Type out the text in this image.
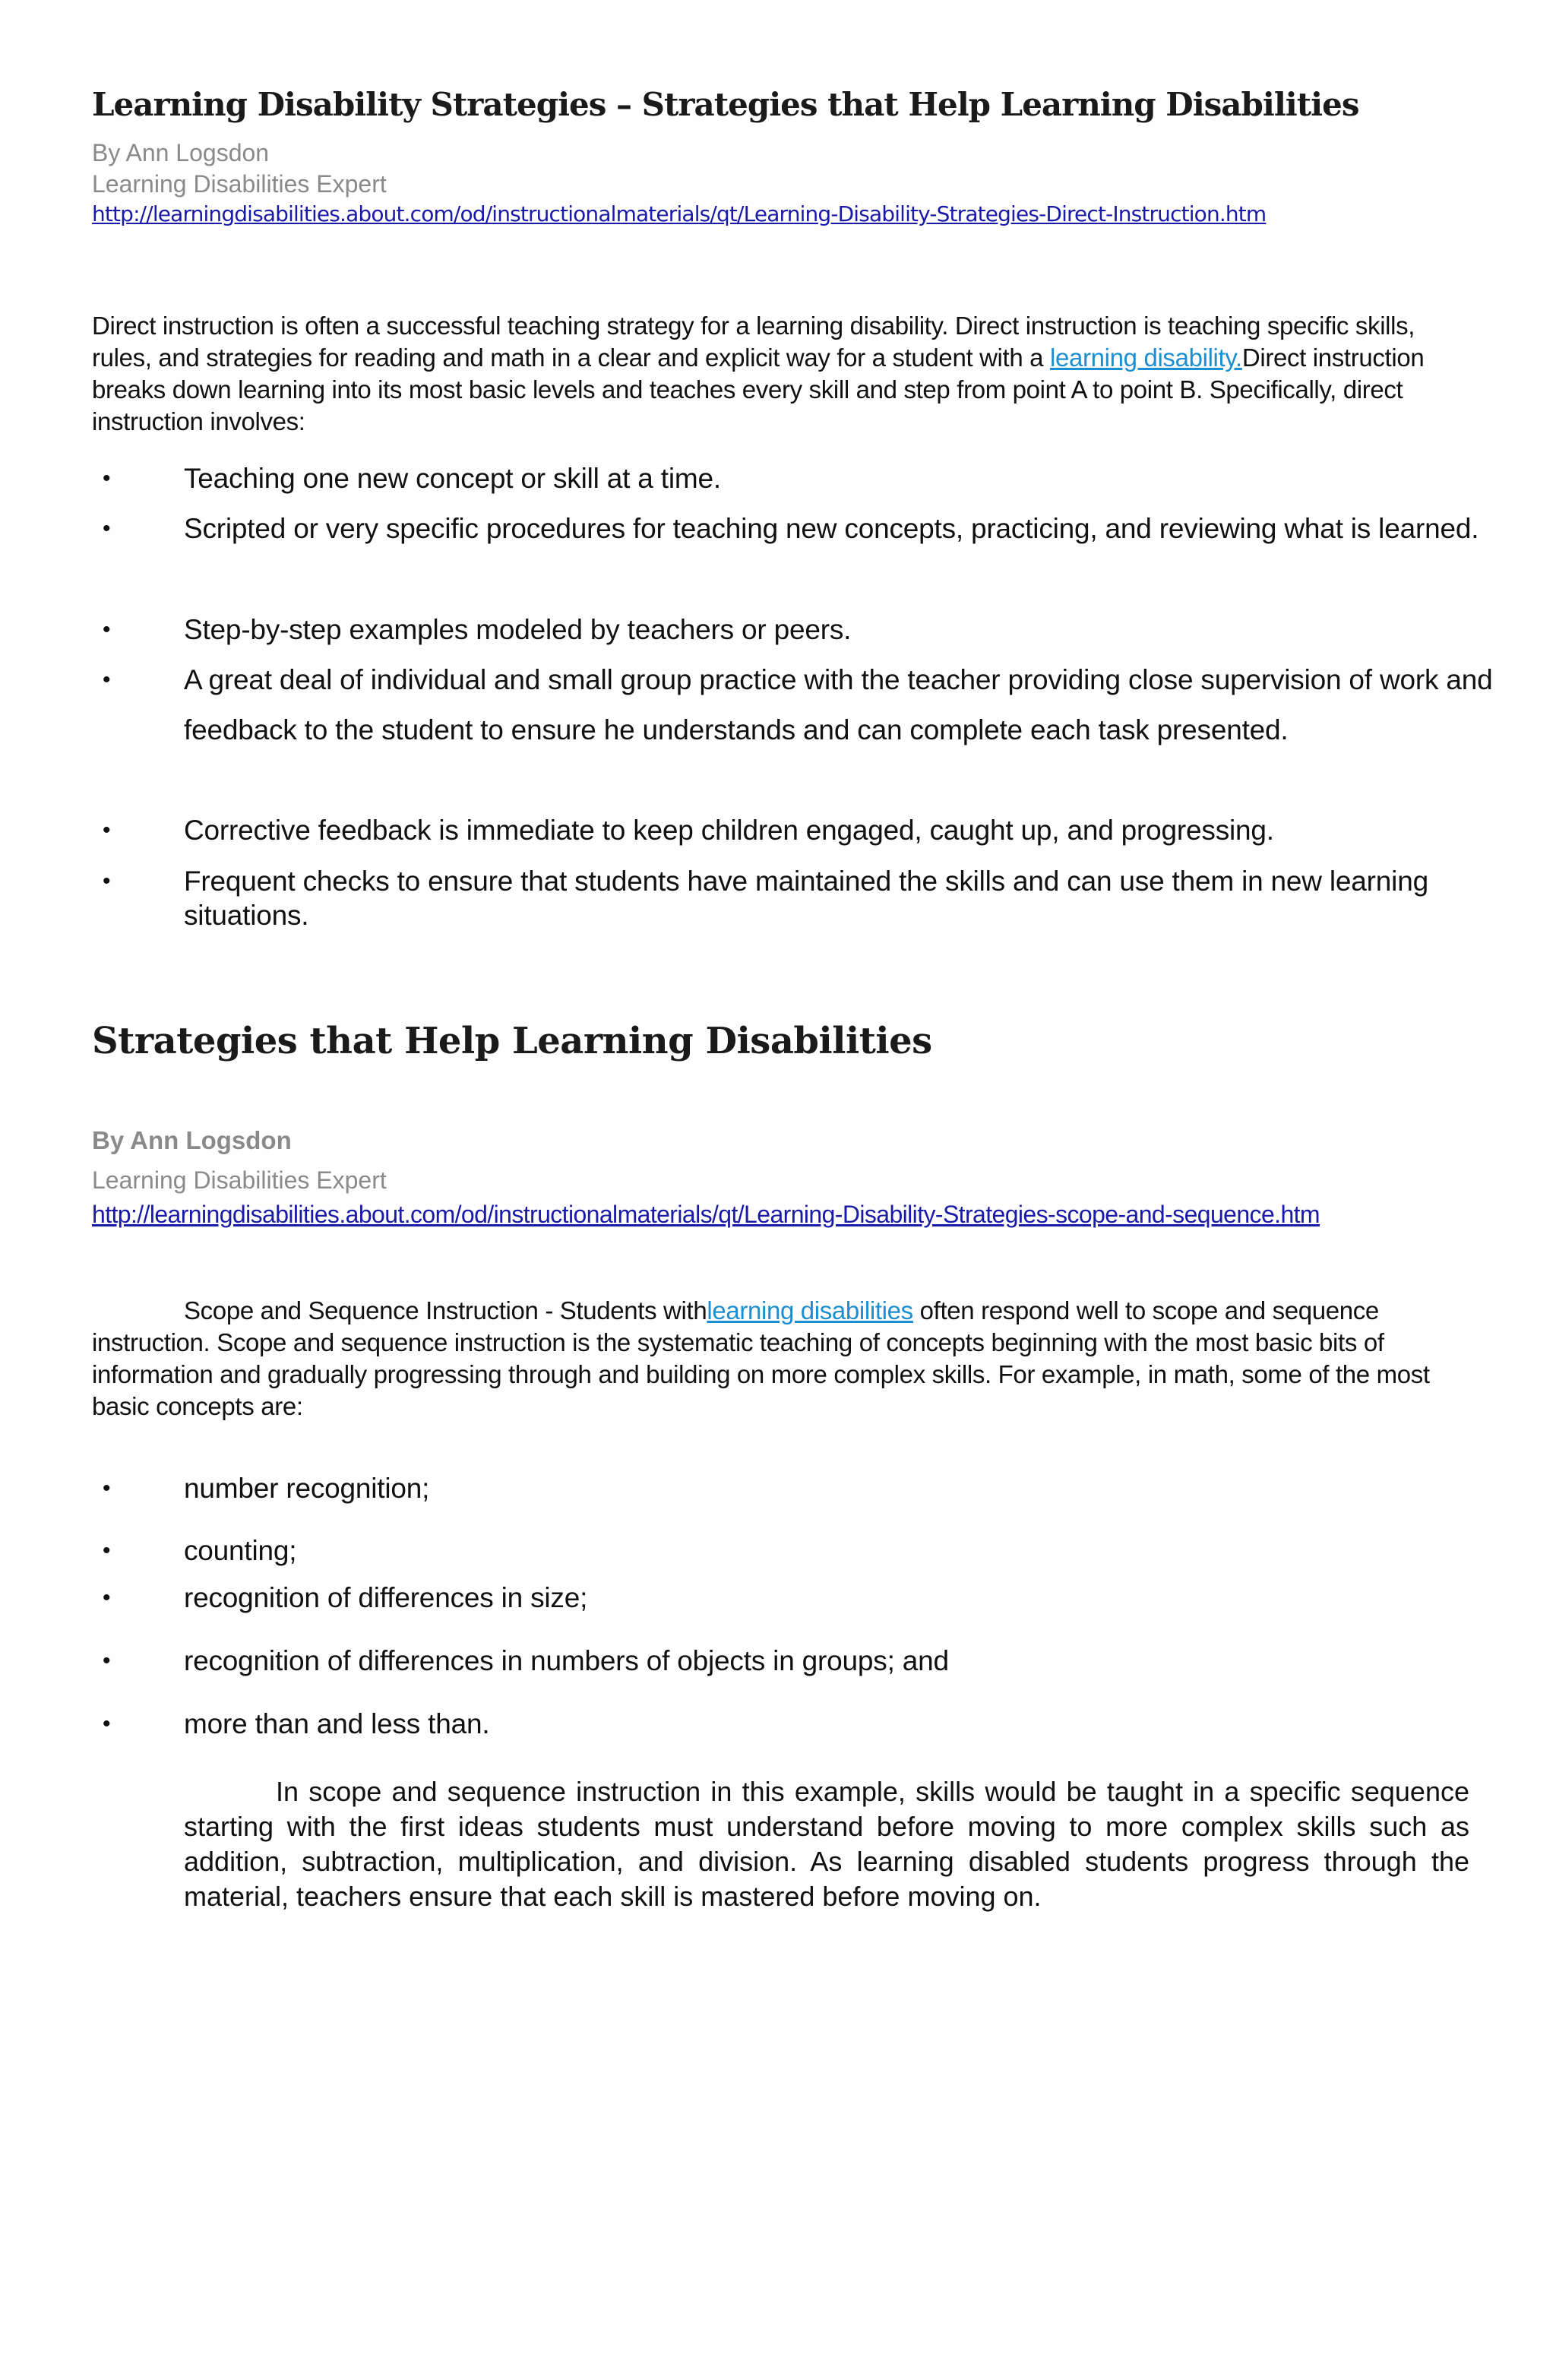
Learning Disability Strategies – Strategies that Help Learning Disabilities
By Ann Logsdon
Learning Disabilities Expert
http://learningdisabilities.about.com/od/instructionalmaterials/qt/Learning-Disability-Strategies-Direct-Instruction.htm
Direct instruction is often a successful teaching strategy for a learning disability. Direct instruction is teaching specific skills, rules, and strategies for reading and math in a clear and explicit way for a student with a learning disability.Direct instruction breaks down learning into its most basic levels and teaches every skill and step from point A to point B. Specifically, direct instruction involves:
•	Teaching one new concept or skill at a time.
•	Scripted or very specific procedures for teaching new concepts, practicing, and reviewing what is learned.
•	Step-by-step examples modeled by teachers or peers.
•	A great deal of individual and small group practice with the teacher providing close supervision of work and feedback to the student to ensure he understands and can complete each task presented.
•	Corrective feedback is immediate to keep children engaged, caught up, and progressing.
•	Frequent checks to ensure that students have maintained the skills and can use them in new learning situations.
Strategies that Help Learning Disabilities
By Ann Logsdon
Learning Disabilities Expert
http://learningdisabilities.about.com/od/instructionalmaterials/qt/Learning-Disability-Strategies-scope-and-sequence.htm
Scope and Sequence Instruction - Students withlearning disabilities often respond well to scope and sequence instruction. Scope and sequence instruction is the systematic teaching of concepts beginning with the most basic bits of information and gradually progressing through and building on more complex skills. For example, in math, some of the most basic concepts are:
•	number recognition;
•	counting;
•	recognition of differences in size;
•	recognition of differences in numbers of objects in groups; and
•	more than and less than.
In scope and sequence instruction in this example, skills would be taught in a specific sequence starting with the first ideas students must understand before moving to more complex skills such as addition, subtraction, multiplication, and division. As learning disabled students progress through the material, teachers ensure that each skill is mastered before moving on.
